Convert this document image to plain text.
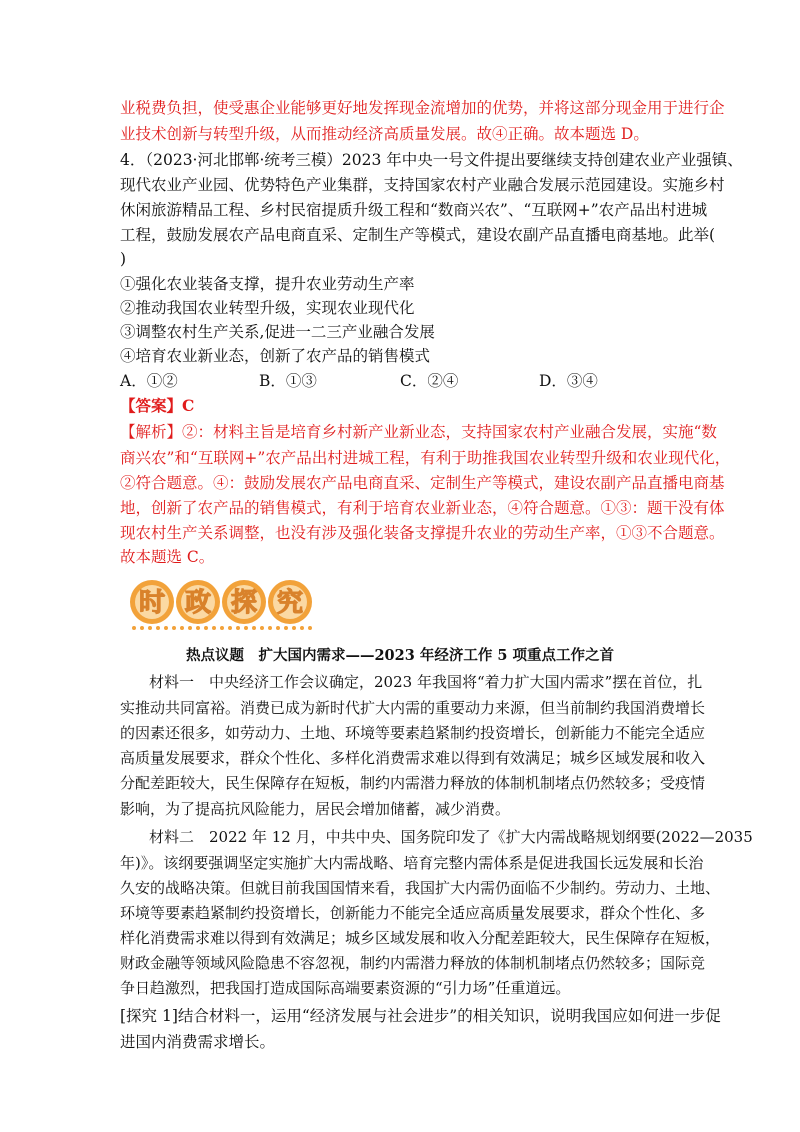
业税费负担，使受惠企业能够更好地发挥现金流增加的优势，并将这部分现金用于进行企
业技术创新与转型升级，从而推动经济高质量发展。故④正确。故本题选 D。
4．（2023·河北邯郸·统考三模）2023 年中央一号文件提出要继续支持创建农业产业强镇、
现代农业产业园、优势特色产业集群，支持国家农村产业融合发展示范园建设。实施乡村
休闲旅游精品工程、乡村民宿提质升级工程和“数商兴农”、“互联网+”农产品出村进城
工程，鼓励发展农产品电商直采、定制生产等模式，建设农副产品直播电商基地。此举(
)
①强化农业装备支撑，提升农业劳动生产率
②推动我国农业转型升级，实现农业现代化
③调整农村生产关系,促进一二三产业融合发展
④培育农业新业态，创新了农产品的销售模式
A．①②	B．①③	C．②④	D．③④
【答案】C
【解析】②：材料主旨是培育乡村新产业新业态，支持国家农村产业融合发展，实施“数
商兴农”和“互联网+”农产品出村进城工程，有利于助推我国农业转型升级和农业现代化，
②符合题意。④：鼓励发展农产品电商直采、定制生产等模式，建设农副产品直播电商基
地，创新了农产品的销售模式，有利于培育农业新业态，④符合题意。①③：题干没有体
现农村生产关系调整，也没有涉及强化装备支撑提升农业的劳动生产率，①③不合题意。
故本题选 C。
时 政 探 究
热点议题　扩大国内需求——2023 年经济工作 5 项重点工作之首
材料一　中央经济工作会议确定，2023 年我国将“着力扩大国内需求”摆在首位，扎
实推动共同富裕。消费已成为新时代扩大内需的重要动力来源，但当前制约我国消费增长
的因素还很多，如劳动力、土地、环境等要素趋紧制约投资增长，创新能力不能完全适应
高质量发展要求，群众个性化、多样化消费需求难以得到有效满足；城乡区域发展和收入
分配差距较大，民生保障存在短板，制约内需潜力释放的体制机制堵点仍然较多；受疫情
影响，为了提高抗风险能力，居民会增加储蓄，减少消费。
材料二　2022 年 12 月，中共中央、国务院印发了《扩大内需战略规划纲要(2022—2035
年)》。该纲要强调坚定实施扩大内需战略、培育完整内需体系是促进我国长远发展和长治
久安的战略决策。但就目前我国国情来看，我国扩大内需仍面临不少制约。劳动力、土地、
环境等要素趋紧制约投资增长，创新能力不能完全适应高质量发展要求，群众个性化、多
样化消费需求难以得到有效满足；城乡区域发展和收入分配差距较大，民生保障存在短板，
财政金融等领域风险隐患不容忽视，制约内需潜力释放的体制机制堵点仍然较多；国际竞
争日趋激烈，把我国打造成国际高端要素资源的“引力场”任重道远。
[探究 1]结合材料一，运用“经济发展与社会进步”的相关知识，说明我国应如何进一步促
进国内消费需求增长。
